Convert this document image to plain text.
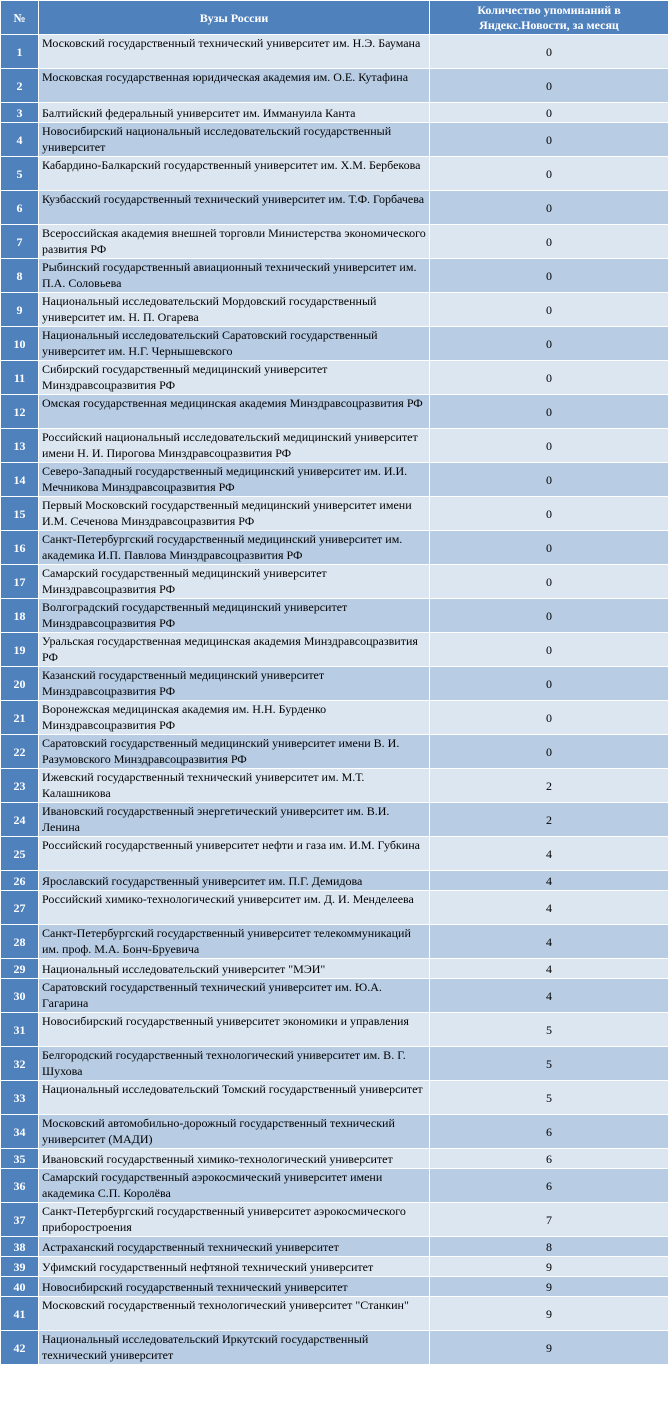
№	Вузы России	Количество упоминаний в Яндекс.Новости, за месяц
1	Московский государственный технический университет им. Н.Э. Баумана	0
2	Московская государственная юридическая академия им. О.Е. Кутафина	0
3	Балтийский федеральный университет им. Иммануила Канта	0
4	Новосибирский национальный исследовательский государственный университет	0
5	Кабардино-Балкарский государственный университет им. Х.М. Бербекова	0
6	Кузбасский государственный технический университет им. Т.Ф. Горбачева	0
7	Всероссийская академия внешней торговли Министерства экономического развития РФ	0
8	Рыбинский государственный авиационный технический университет им. П.А. Соловьева	0
9	Национальный исследовательский Мордовский государственный университет им. Н. П. Огарева	0
10	Национальный исследовательский Саратовский государственный университет им. Н.Г. Чернышевского	0
11	Сибирский государственный медицинский университет Минздравсоцразвития РФ	0
12	Омская государственная медицинская академия Минздравсоцразвития РФ	0
13	Российский национальный исследовательский медицинский университет имени Н. И. Пирогова Минздравсоцразвития РФ	0
14	Северо-Западный государственный медицинский университет им. И.И. Мечникова Минздравсоцразвития РФ	0
15	Первый Московский государственный медицинский университет имени И.М. Сеченова Минздравсоцразвития РФ	0
16	Санкт-Петербургский государственный медицинский университет им. академика И.П. Павлова Минздравсоцразвития РФ	0
17	Самарский государственный медицинский университет Минздравсоцразвития РФ	0
18	Волгоградский государственный медицинский университет Минздравсоцразвития РФ	0
19	Уральская государственная медицинская академия Минздравсоцразвития РФ	0
20	Казанский государственный медицинский университет Минздравсоцразвития РФ	0
21	Воронежская медицинская академия им. Н.Н. Бурденко Минздравсоцразвития РФ	0
22	Саратовский государственный медицинский университет имени В. И. Разумовского Минздравсоцразвития РФ	0
23	Ижевский государственный технический университет им. М.Т. Калашникова	2
24	Ивановский государственный энергетический университет им. В.И. Ленина	2
25	Российский государственный университет нефти и газа им. И.М. Губкина	4
26	Ярославский государственный университет им. П.Г. Демидова	4
27	Российский химико-технологический университет им. Д. И. Менделеева	4
28	Санкт-Петербургский государственный университет телекоммуникаций им. проф. М.А. Бонч-Бруевича	4
29	Национальный исследовательский университет "МЭИ"	4
30	Саратовский государственный технический университет им. Ю.А. Гагарина	4
31	Новосибирский государственный университет экономики и управления	5
32	Белгородский государственный технологический университет им. В. Г. Шухова	5
33	Национальный исследовательский Томский государственный университет	5
34	Московский автомобильно-дорожный государственный технический университет (МАДИ)	6
35	Ивановский государственный химико-технологический университет	6
36	Самарский государственный аэрокосмический университет имени академика С.П. Королёва	6
37	Санкт-Петербургский государственный университет аэрокосмического приборостроения	7
38	Астраханский государственный технический университет	8
39	Уфимский государственный нефтяной технический университет	9
40	Новосибирский государственный технический университет	9
41	Московский государственный технологический университет "Станкин"	9
42	Национальный исследовательский Иркутский государственный технический университет	9
